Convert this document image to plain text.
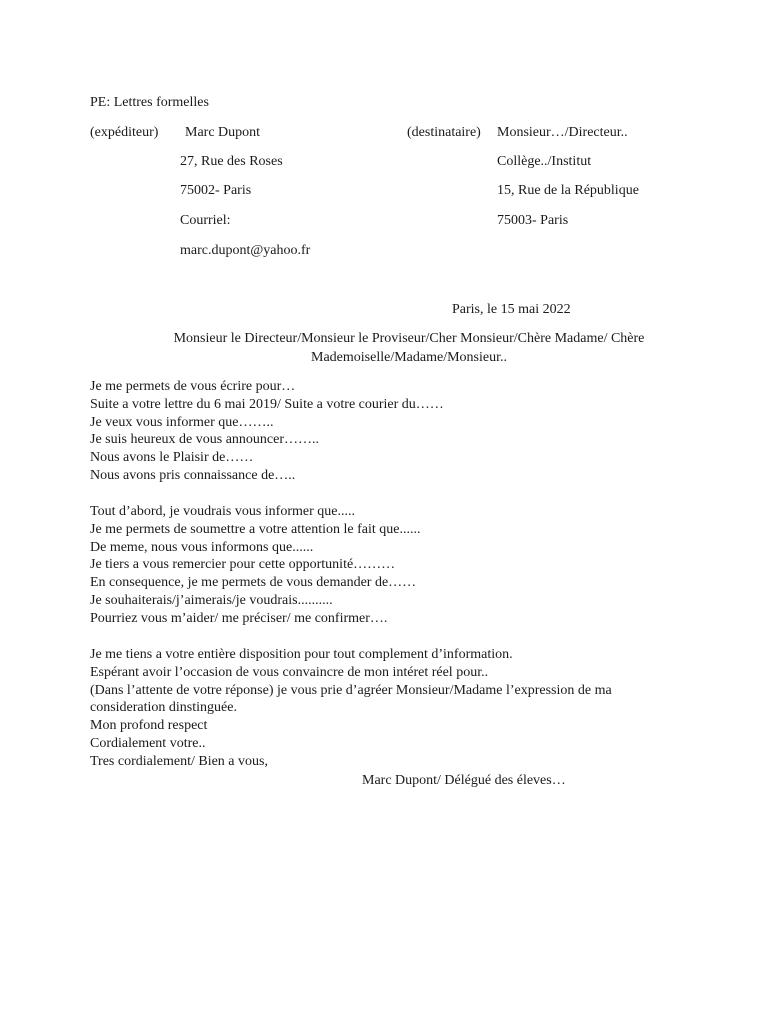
PE: Lettres formelles
(expéditeur) Marc Dupont
27, Rue des Roses
75002- Paris
Courriel:
marc.dupont@yahoo.fr
(destinataire) Monsieur…/Directeur..
Collège../Institut
15, Rue de la République
75003- Paris
Paris, le 15 mai 2022
Monsieur le Directeur/Monsieur le Proviseur/Cher Monsieur/Chère Madame/ Chère
Mademoiselle/Madame/Monsieur..
Je me permets de vous écrire pour…
Suite a votre lettre du 6 mai 2019/ Suite a votre courier du……
Je veux vous informer que……..
Je suis heureux de vous announcer……..
Nous avons le Plaisir de……
Nous avons pris connaissance de…..
Tout d’abord, je voudrais vous informer que.....
Je me permets de soumettre a votre attention le fait que......
De meme, nous vous informons que......
Je tiers a vous remercier pour cette opportunité………
En consequence, je me permets de vous demander de……
Je souhaiterais/j’aimerais/je voudrais..........
Pourriez vous m’aider/ me préciser/ me confirmer….
Je me tiens a votre entière disposition pour tout complement d’information.
Espérant avoir l’occasion de vous convaincre de mon intéret réel pour..
(Dans l’attente de votre réponse) je vous prie d’agréer Monsieur/Madame l’expression de ma
consideration dinstinguée.
Mon profond respect
Cordialement votre..
Tres cordialement/ Bien a vous,
Marc Dupont/ Délégué des éleves…
